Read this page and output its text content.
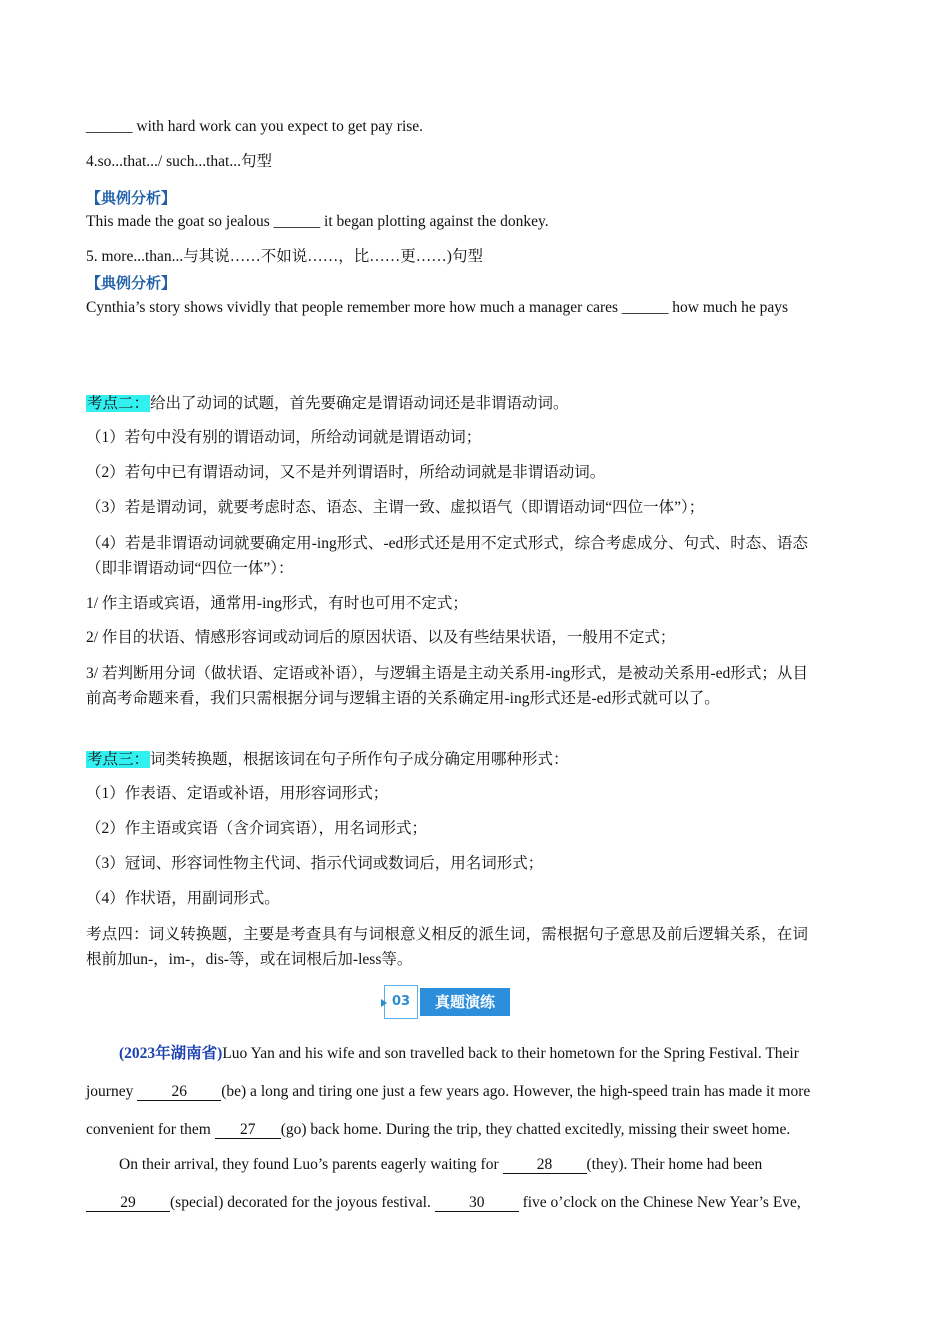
______ with hard work can you expect to get pay rise.
4.so...that.../ such...that...句型
【典例分析】
This made the goat so jealous ______ it began plotting against the donkey.
5. more...than...与其说……不如说……，比……更……)句型
【典例分析】
Cynthia’s story shows vividly that people remember more how much a manager cares ______ how much he pays
考点二：给出了动词的试题，首先要确定是谓语动词还是非谓语动词。
（1）若句中没有别的谓语动词，所给动词就是谓语动词；
（2）若句中已有谓语动词，又不是并列谓语时，所给动词就是非谓语动词。
（3）若是谓动词，就要考虑时态、语态、主谓一致、虚拟语气（即谓语动词“四位一体”）；
（4）若是非谓语动词就要确定用-ing形式、-ed形式还是用不定式形式，综合考虑成分、句式、时态、语态（即非谓语动词“四位一体”）：
1/ 作主语或宾语，通常用-ing形式，有时也可用不定式；
2/ 作目的状语、情感形容词或动词后的原因状语、以及有些结果状语，一般用不定式；
3/ 若判断用分词（做状语、定语或补语），与逻辑主语是主动关系用-ing形式，是被动关系用-ed形式；从目前高考命题来看，我们只需根据分词与逻辑主语的关系确定用-ing形式还是-ed形式就可以了。
考点三：词类转换题，根据该词在句子所作句子成分确定用哪种形式：
（1）作表语、定语或补语，用形容词形式；
（2）作主语或宾语（含介词宾语），用名词形式；
（3）冠词、形容词性物主代词、指示代词或数词后，用名词形式；
（4）作状语，用副词形式。
考点四：词义转换题，主要是考查具有与词根意义相反的派生词，需根据句子意思及前后逻辑关系，在词根前加un-，im-，dis-等，或在词根后加-less等。
03	真题演练
(2023年湖南省)Luo Yan and his wife and son travelled back to their hometown for the Spring Festival. Their
journey 26 (be) a long and tiring one just a few years ago. However, the high-speed train has made it more
convenient for them 27 (go) back home. During the trip, they chatted excitedly, missing their sweet home.
On their arrival, they found Luo’s parents eagerly waiting for 28 (they). Their home had been
29 (special) decorated for the joyous festival. 30 five o’clock on the Chinese New Year’s Eve,
